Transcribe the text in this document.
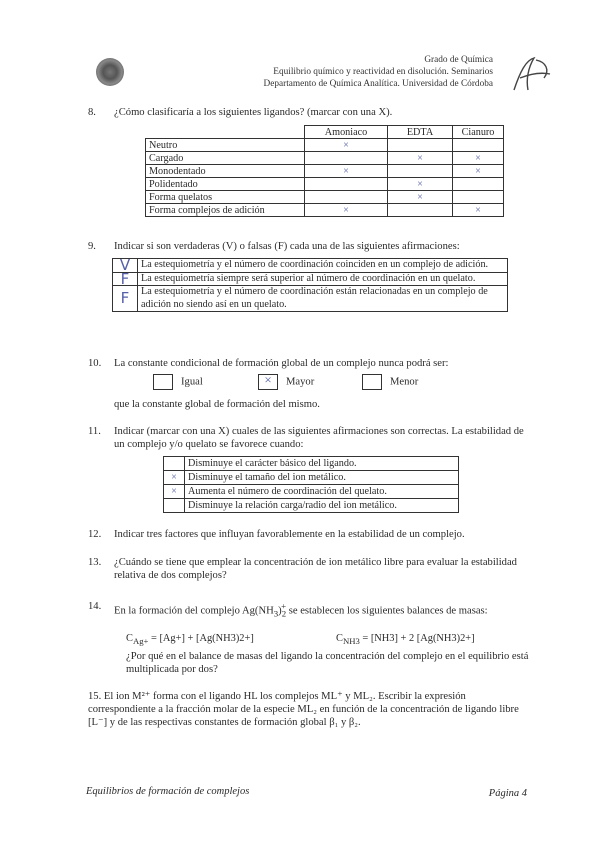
Grado de Química
Equilibrio químico y reactividad en disolución. Seminarios
Departamento de Química Analítica. Universidad de Córdoba
8. ¿Cómo clasificaría a los siguientes ligandos? (marcar con una X).
	Amoniaco	EDTA	Cianuro
Neutro	×		
Cargado		×	×
Monodentado	×		×
Polidentado		×	
Forma quelatos		×	
Forma complejos de adición	×		×
9. Indicar si son verdaderas (V) o falsas (F) cada una de las siguientes afirmaciones:
V	La estequiometría y el número de coordinación coinciden en un complejo de adición.
F	La estequiometría siempre será superior al número de coordinación en un quelato.
F	La estequiometría y el número de coordinación están relacionadas en un complejo de adición no siendo así en un quelato.
10. La constante condicional de formación global de un complejo nunca podrá ser:
Igual	×	Mayor	Menor
que la constante global de formación del mismo.
11.	Indicar (marcar con una X) cuales de las siguientes afirmaciones son correctas. La estabilidad de un complejo y/o quelato se favorece cuando:
	Disminuye el carácter básico del ligando.
×	Disminuye el tamaño del ion metálico.
×	Aumenta el número de coordinación del quelato.
	Disminuye la relación carga/radio del ion metálico.
12. Indicar tres factores que influyan favorablemente en la estabilidad de un complejo.
13.	¿Cuándo se tiene que emplear la concentración de ion metálico libre para evaluar la estabilidad relativa de dos complejos?
14.	En la formación del complejo $Ag(NH_3)_2^+$ se establecen los siguientes balances de masas:
$C_{Ag+} = [Ag+] + [Ag(NH3)2+]$	$C_{NH3} = [NH3] + 2$ [Ag(NH3)2+]
¿Por qué en el balance de masas del ligando la concentración del complejo en el equilibrio está multiplicada por dos?
15. El ion M²⁺ forma con el ligando HL los complejos ML⁺ y ML₂. Escribir la expresión correspondiente a la fracción molar de la especie ML₂ en función de la concentración de ligando libre [L⁻] y de las respectivas constantes de formación global β₁ y β₂.
Equilibrios de formación de complejos	Página 4
